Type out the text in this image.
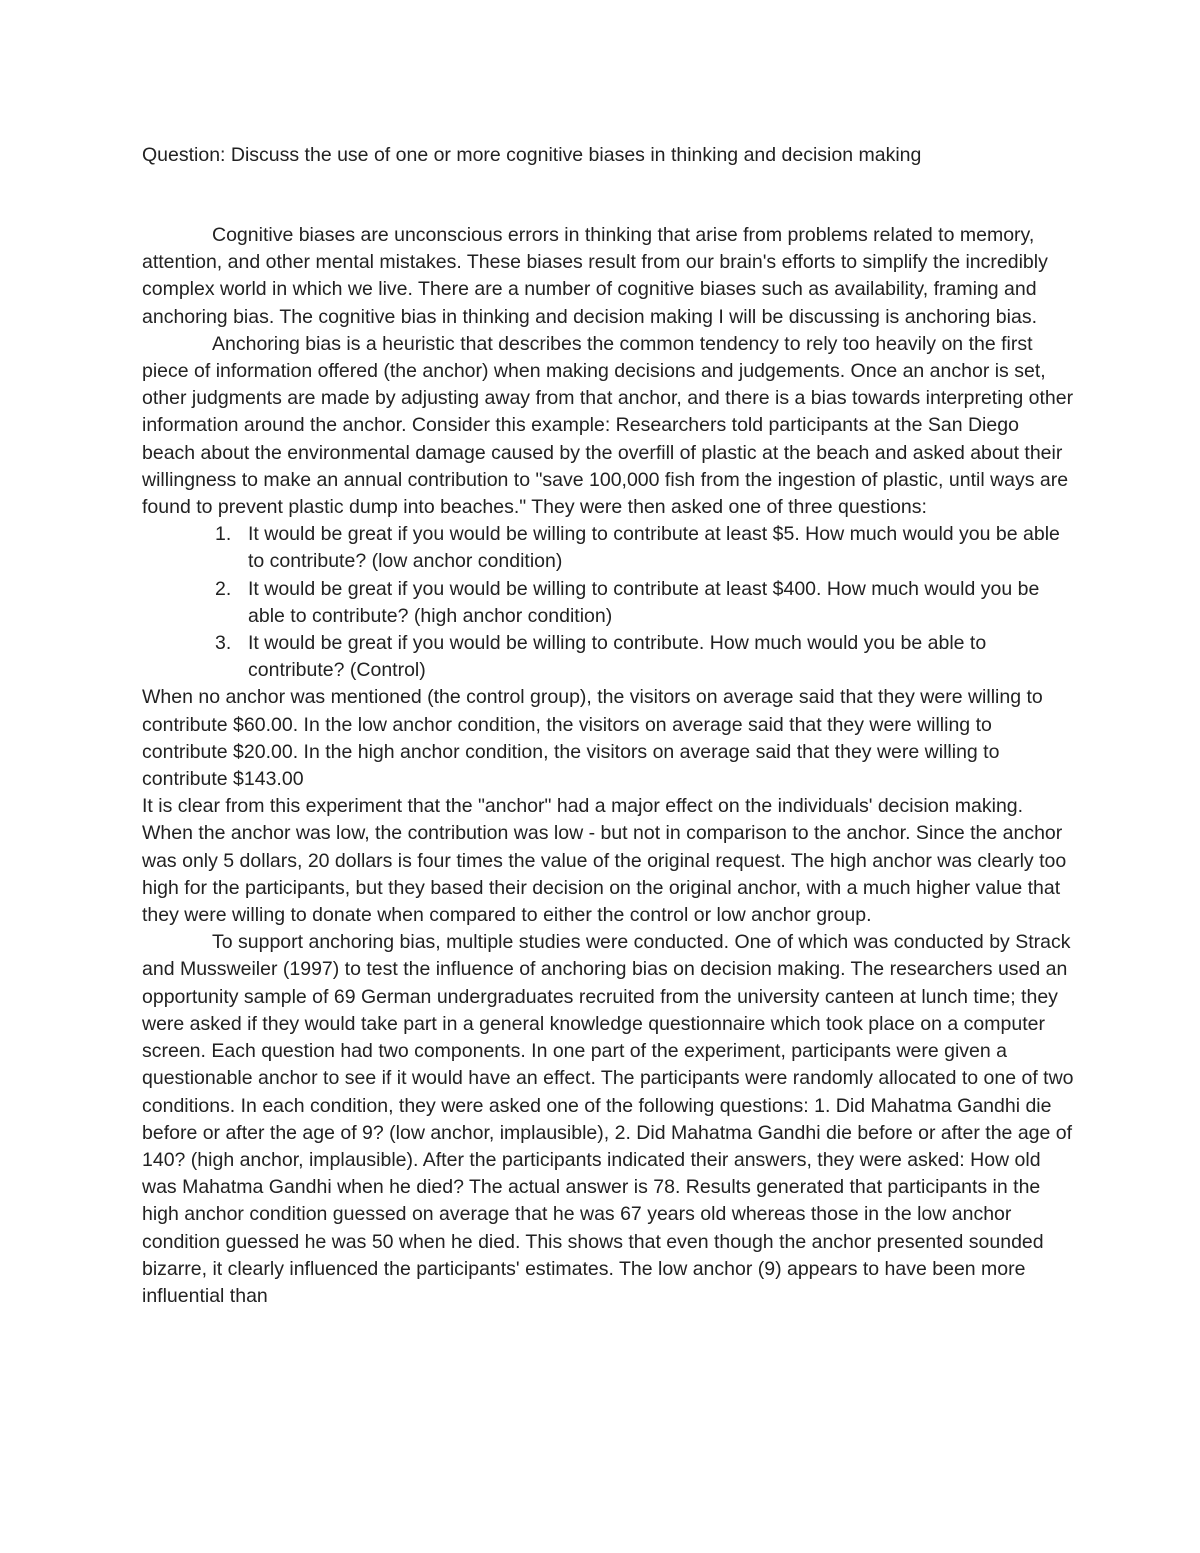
Question: Discuss the use of one or more cognitive biases in thinking and decision making

Cognitive biases are unconscious errors in thinking that arise from problems related to memory, attention, and other mental mistakes. These biases result from our brain's efforts to simplify the incredibly complex world in which we live. There are a number of cognitive biases such as availability, framing and anchoring bias. The cognitive bias in thinking and decision making I will be discussing is anchoring bias.

Anchoring bias is a heuristic that describes the common tendency to rely too heavily on the first piece of information offered (the anchor) when making decisions and judgements. Once an anchor is set, other judgments are made by adjusting away from that anchor, and there is a bias towards interpreting other information around the anchor. Consider this example: Researchers told participants at the San Diego beach about the environmental damage caused by the overfill of plastic at the beach and asked about their willingness to make an annual contribution to "save 100,000 fish from the ingestion of plastic, until ways are found to prevent plastic dump into beaches." They were then asked one of three questions:

1. It would be great if you would be willing to contribute at least $5. How much would you be able to contribute? (low anchor condition)
2. It would be great if you would be willing to contribute at least $400. How much would you be able to contribute? (high anchor condition)
3. It would be great if you would be willing to contribute. How much would you be able to contribute? (Control)

When no anchor was mentioned (the control group), the visitors on average said that they were willing to contribute $60.00. In the low anchor condition, the visitors on average said that they were willing to contribute $20.00. In the high anchor condition, the visitors on average said that they were willing to contribute $143.00

It is clear from this experiment that the "anchor" had a major effect on the individuals' decision making. When the anchor was low, the contribution was low - but not in comparison to the anchor. Since the anchor was only 5 dollars, 20 dollars is four times the value of the original request. The high anchor was clearly too high for the participants, but they based their decision on the original anchor, with a much higher value that they were willing to donate when compared to either the control or low anchor group.

To support anchoring bias, multiple studies were conducted. One of which was conducted by Strack and Mussweiler (1997) to test the influence of anchoring bias on decision making. The researchers used an opportunity sample of 69 German undergraduates recruited from the university canteen at lunch time; they were asked if they would take part in a general knowledge questionnaire which took place on a computer screen. Each question had two components. In one part of the experiment, participants were given a questionable anchor to see if it would have an effect. The participants were randomly allocated to one of two conditions. In each condition, they were asked one of the following questions: 1. Did Mahatma Gandhi die before or after the age of 9? (low anchor, implausible), 2. Did Mahatma Gandhi die before or after the age of 140? (high anchor, implausible). After the participants indicated their answers, they were asked: How old was Mahatma Gandhi when he died? The actual answer is 78. Results generated that participants in the high anchor condition guessed on average that he was 67 years old whereas those in the low anchor condition guessed he was 50 when he died. This shows that even though the anchor presented sounded bizarre, it clearly influenced the participants' estimates. The low anchor (9) appears to have been more influential than
